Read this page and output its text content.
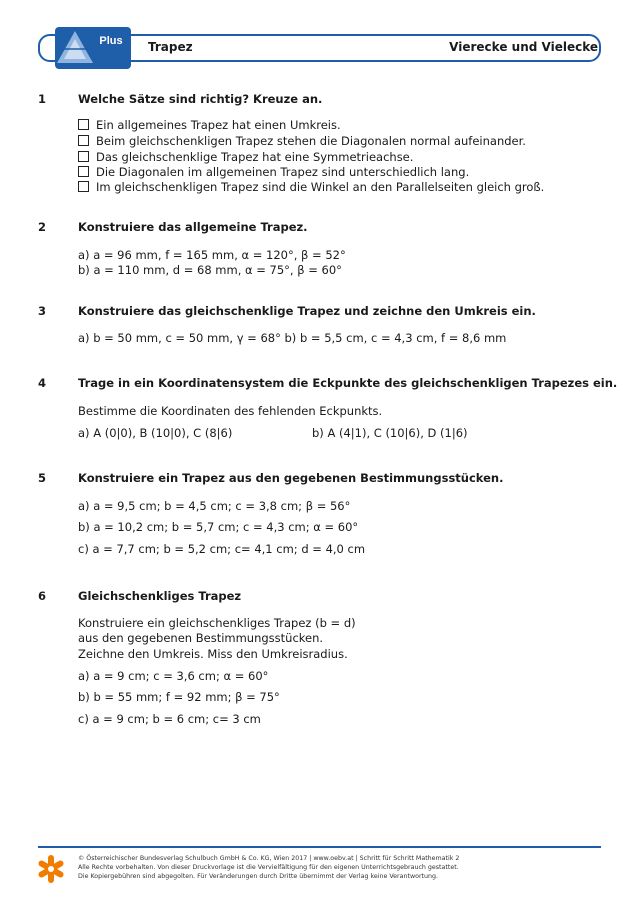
Plus Trapez	Vierecke und Vielecke
1	Welche Sätze sind richtig? Kreuze an.
Ein allgemeines Trapez hat einen Umkreis.
Beim gleichschenkligen Trapez stehen die Diagonalen normal aufeinander.
Das gleichschenklige Trapez hat eine Symmetrieachse.
Die Diagonalen im allgemeinen Trapez sind unterschiedlich lang.
Im gleichschenkligen Trapez sind die Winkel an den Parallelseiten gleich groß.
2	Konstruiere das allgemeine Trapez.
a) a = 96 mm, f = 165 mm, α = 120°, β = 52°
b) a = 110 mm, d = 68 mm, α = 75°, β = 60°
3	Konstruiere das gleichschenklige Trapez und zeichne den Umkreis ein.
a) b = 50 mm, c = 50 mm, γ = 68° b) b = 5,5 cm, c = 4,3 cm, f = 8,6 mm
4	Trage in ein Koordinatensystem die Eckpunkte des gleichschenkligen Trapezes ein.
Bestimme die Koordinaten des fehlenden Eckpunkts.
a) A (0|0), B (10|0), C (8|6)	b) A (4|1), C (10|6), D (1|6)
5	Konstruiere ein Trapez aus den gegebenen Bestimmungsstücken.
a) a = 9,5 cm; b = 4,5 cm; c = 3,8 cm; β = 56°
b) a = 10,2 cm; b = 5,7 cm; c = 4,3 cm; α = 60°
c) a = 7,7 cm; b = 5,2 cm; c= 4,1 cm; d = 4,0 cm
6	Gleichschenkliges Trapez
Konstruiere ein gleichschenkliges Trapez (b = d)
aus den gegebenen Bestimmungsstücken.
Zeichne den Umkreis. Miss den Umkreisradius.
a) a = 9 cm; c = 3,6 cm; α = 60°
b) b = 55 mm; f = 92 mm; β = 75°
c) a = 9 cm; b = 6 cm; c= 3 cm
© Österreichischer Bundesverlag Schulbuch GmbH & Co. KG, Wien 2017 | www.oebv.at | Schritt für Schritt Mathematik 2
Alle Rechte vorbehalten. Von dieser Druckvorlage ist die Vervielfältigung für den eigenen Unterrichtsgebrauch gestattet.
Die Kopiergebühren sind abgegolten. Für Veränderungen durch Dritte übernimmt der Verlag keine Verantwortung.
